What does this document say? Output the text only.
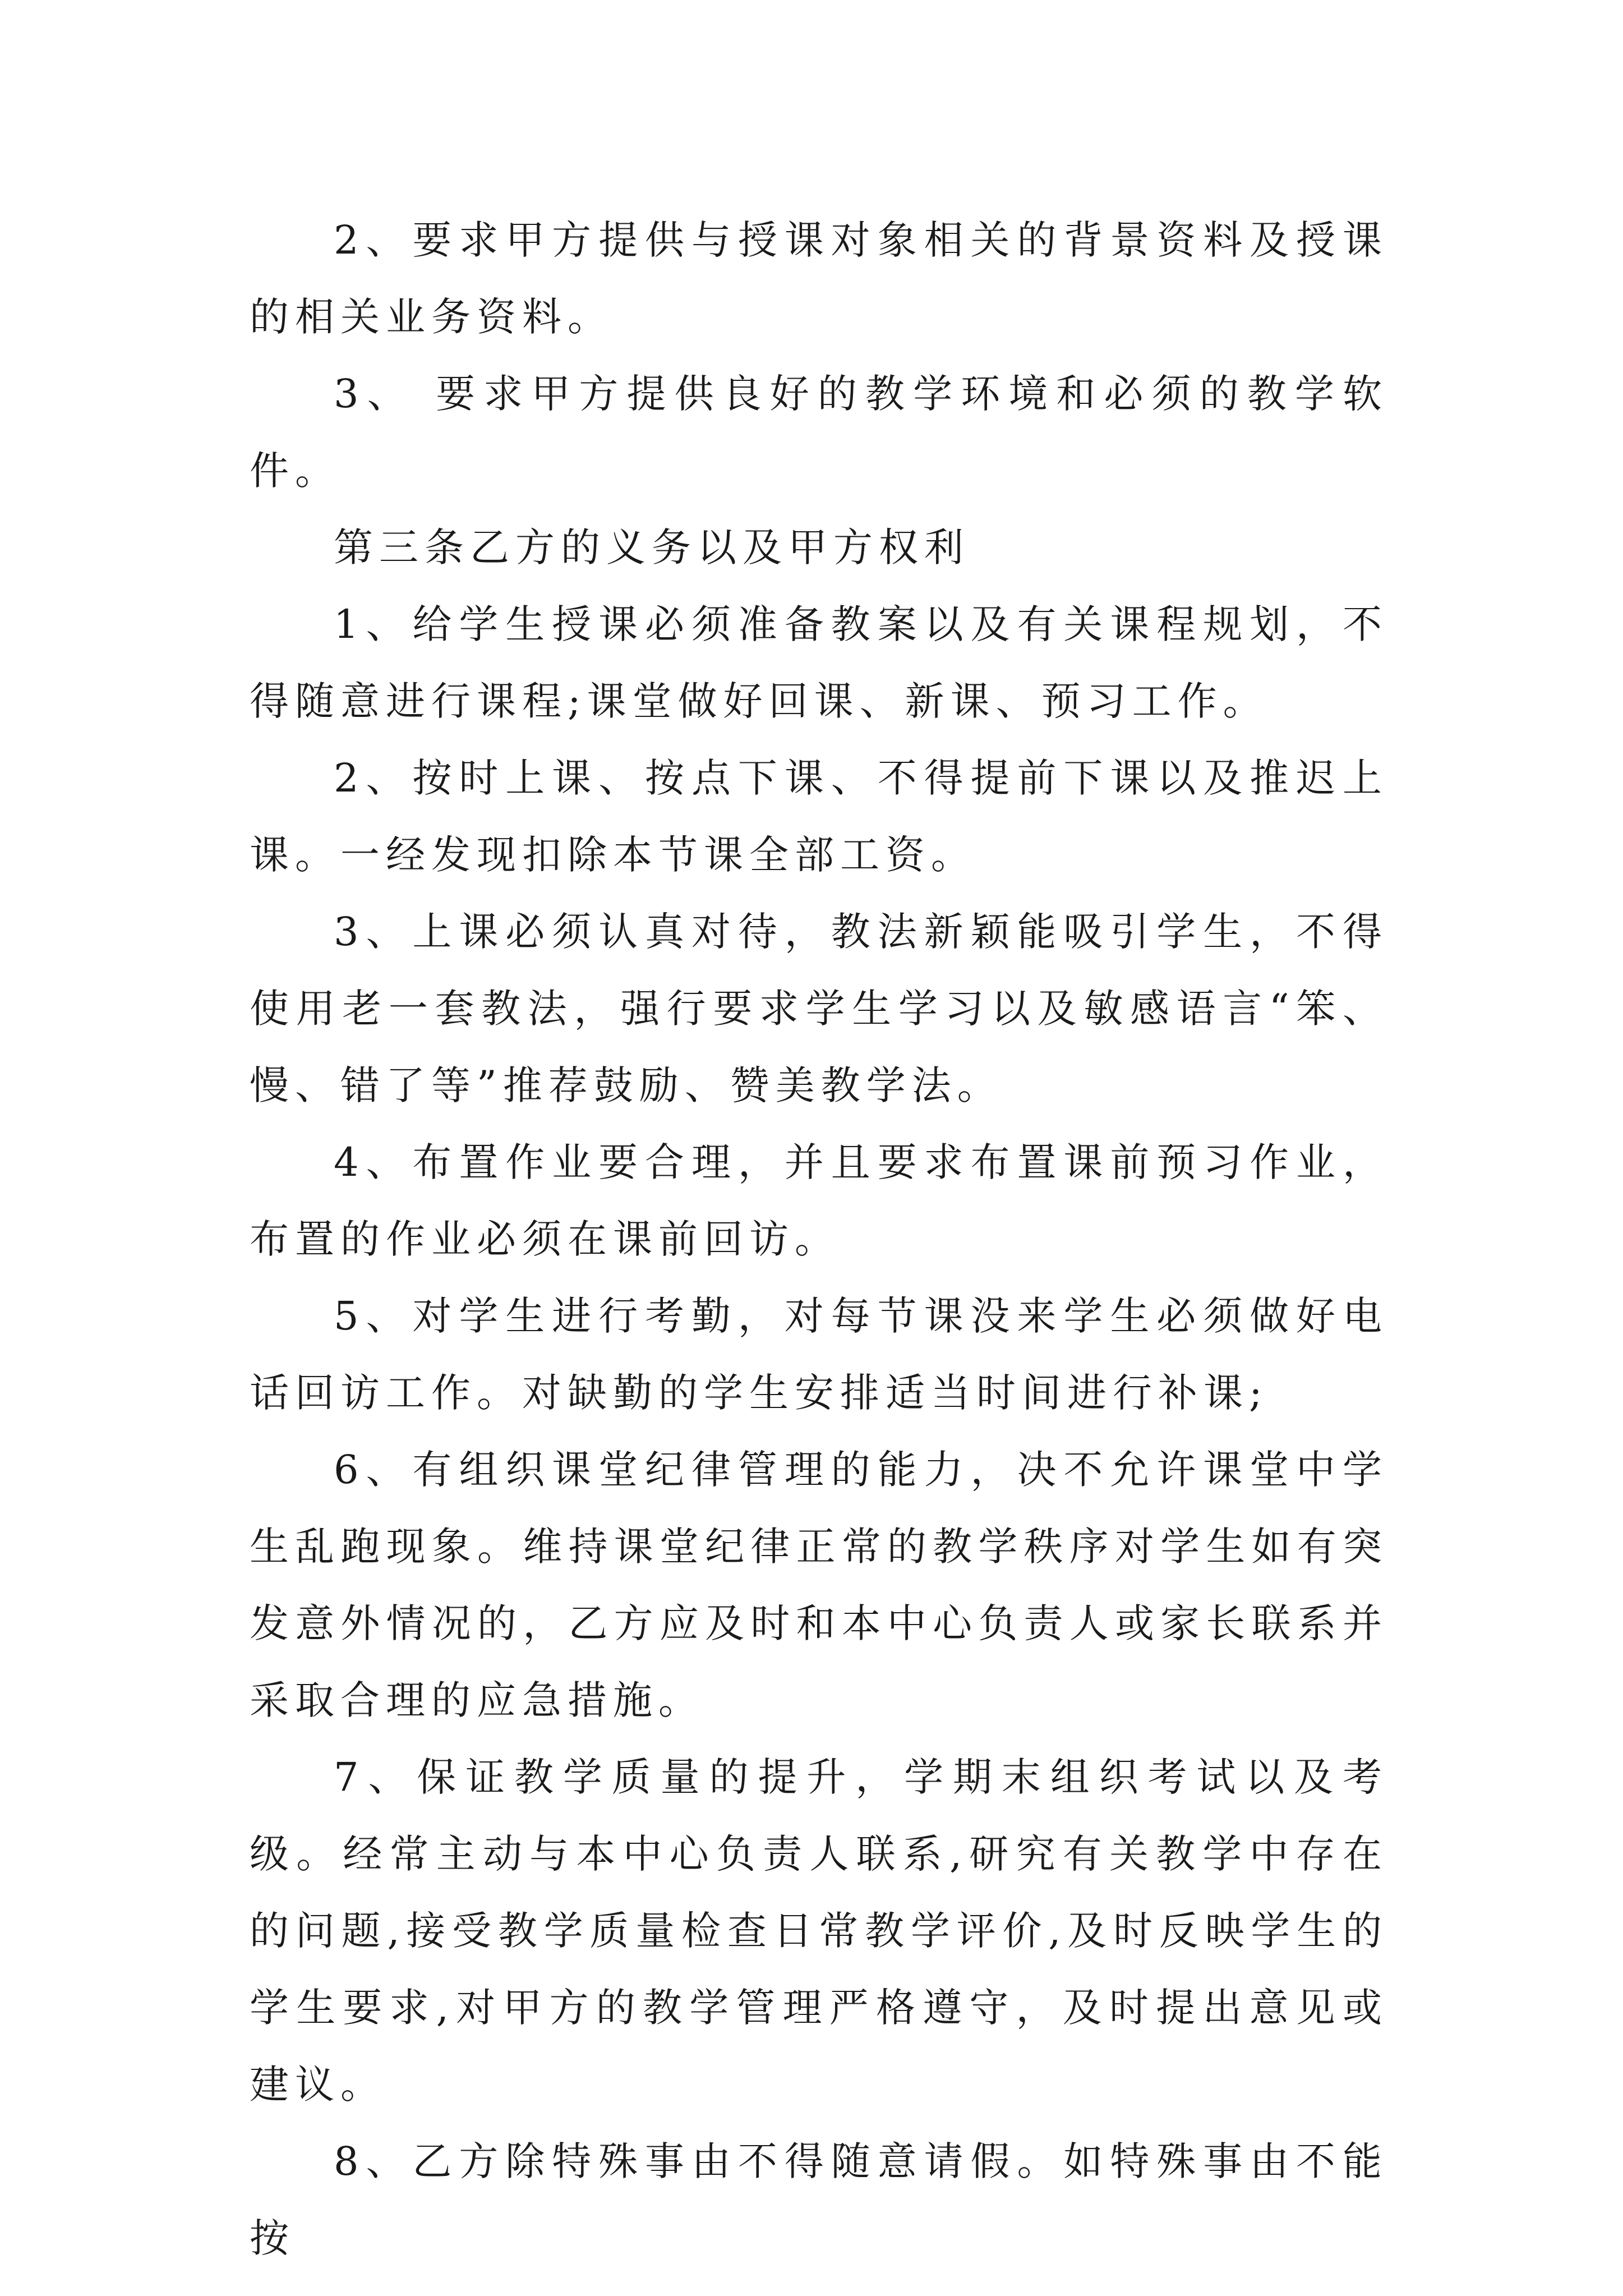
2、要求甲方提供与授课对象相关的背景资料及授课的相关业务资料。

3、 要求甲方提供良好的教学环境和必须的教学软件。

第三条乙方的义务以及甲方权利

1、给学生授课必须准备教案以及有关课程规划，不得随意进行课程;课堂做好回课、新课、预习工作。

2、按时上课、按点下课、不得提前下课以及推迟上课。一经发现扣除本节课全部工资。

3、上课必须认真对待，教法新颖能吸引学生，不得使用老一套教法，强行要求学生学习以及敏感语言“笨、慢、错了等”推荐鼓励、赞美教学法。

4、布置作业要合理，并且要求布置课前预习作业，布置的作业必须在课前回访。

5、对学生进行考勤，对每节课没来学生必须做好电话回访工作。对缺勤的学生安排适当时间进行补课;

6、有组织课堂纪律管理的能力，决不允许课堂中学生乱跑现象。维持课堂纪律正常的教学秩序对学生如有突发意外情况的，乙方应及时和本中心负责人或家长联系并采取合理的应急措施。

7、保证教学质量的提升，学期末组织考试以及考级。经常主动与本中心负责人联系,研究有关教学中存在的问题,接受教学质量检查日常教学评价,及时反映学生的学生要求,对甲方的教学管理严格遵守，及时提出意见或建议。

8、乙方除特殊事由不得随意请假。如特殊事由不能按
